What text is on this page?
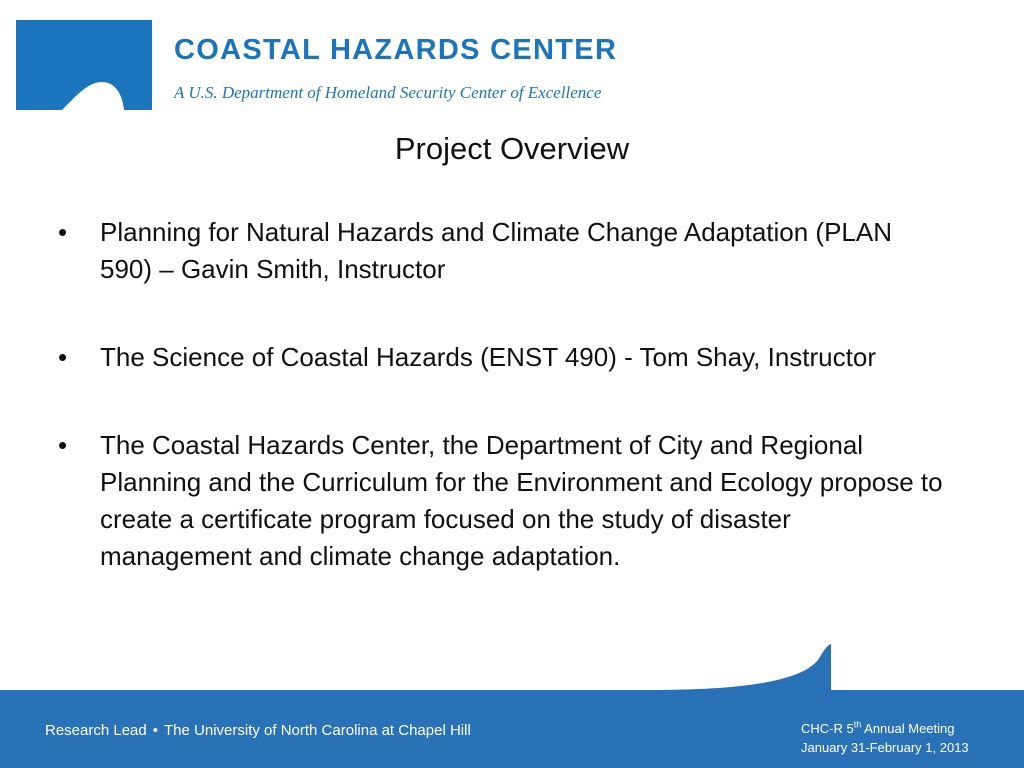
COASTAL HAZARDS CENTER
A U.S. Department of Homeland Security Center of Excellence
Project Overview
• Planning for Natural Hazards and Climate Change Adaptation (PLAN 590) – Gavin Smith, Instructor
• The Science of Coastal Hazards (ENST 490) - Tom Shay, Instructor
• The Coastal Hazards Center, the Department of City and Regional Planning and the Curriculum for the Environment and Ecology propose to create a certificate program focused on the study of disaster management and climate change adaptation.
Research Lead • The University of North Carolina at Chapel Hill	CHC-R 5th Annual Meeting
January 31-February 1, 2013
